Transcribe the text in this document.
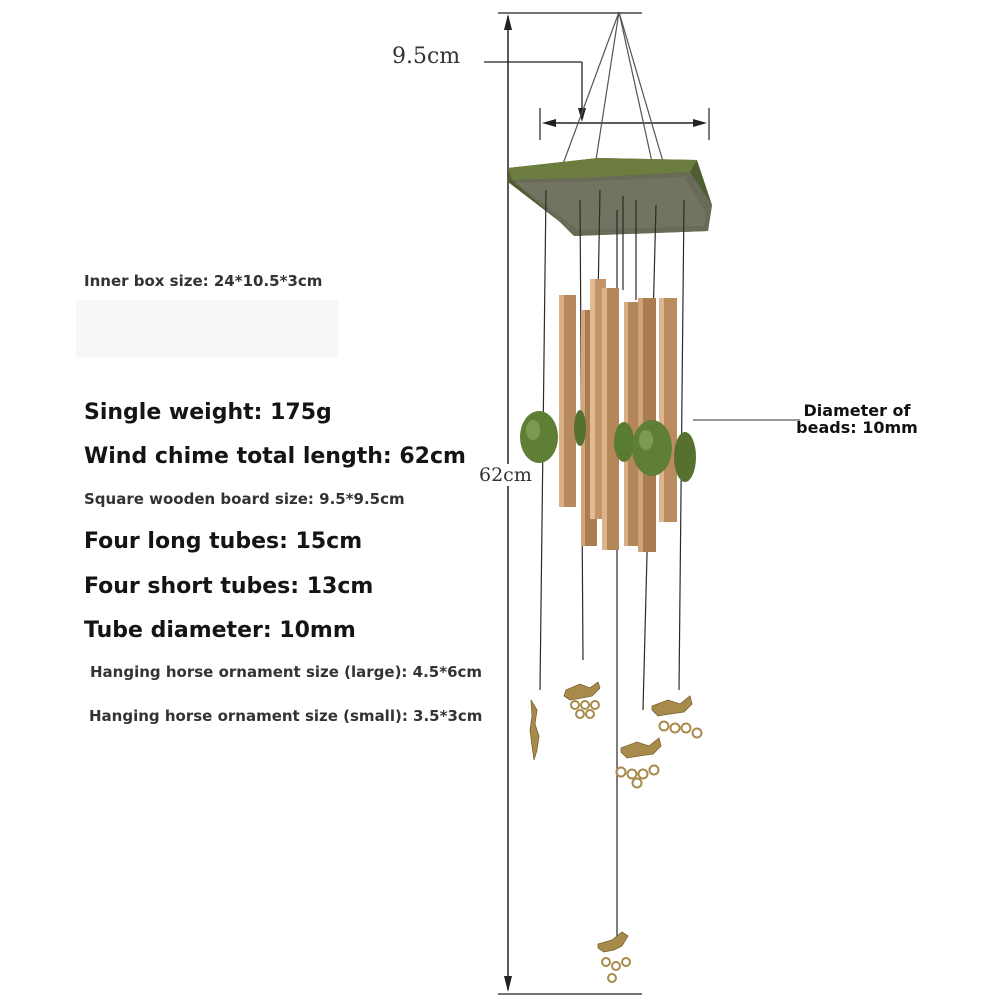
Inner box size: 24*10.5*3cm

Single weight: 175g

Wind chime total length: 62cm

Square wooden board size: 9.5*9.5cm

Four long tubes: 15cm

Four short tubes: 13cm

Tube diameter: 10mm

Hanging horse ornament size (large): 4.5*6cm

Hanging horse ornament size (small): 3.5*3cm

9.5cm
62cm
Diameter of
beads: 10mm
